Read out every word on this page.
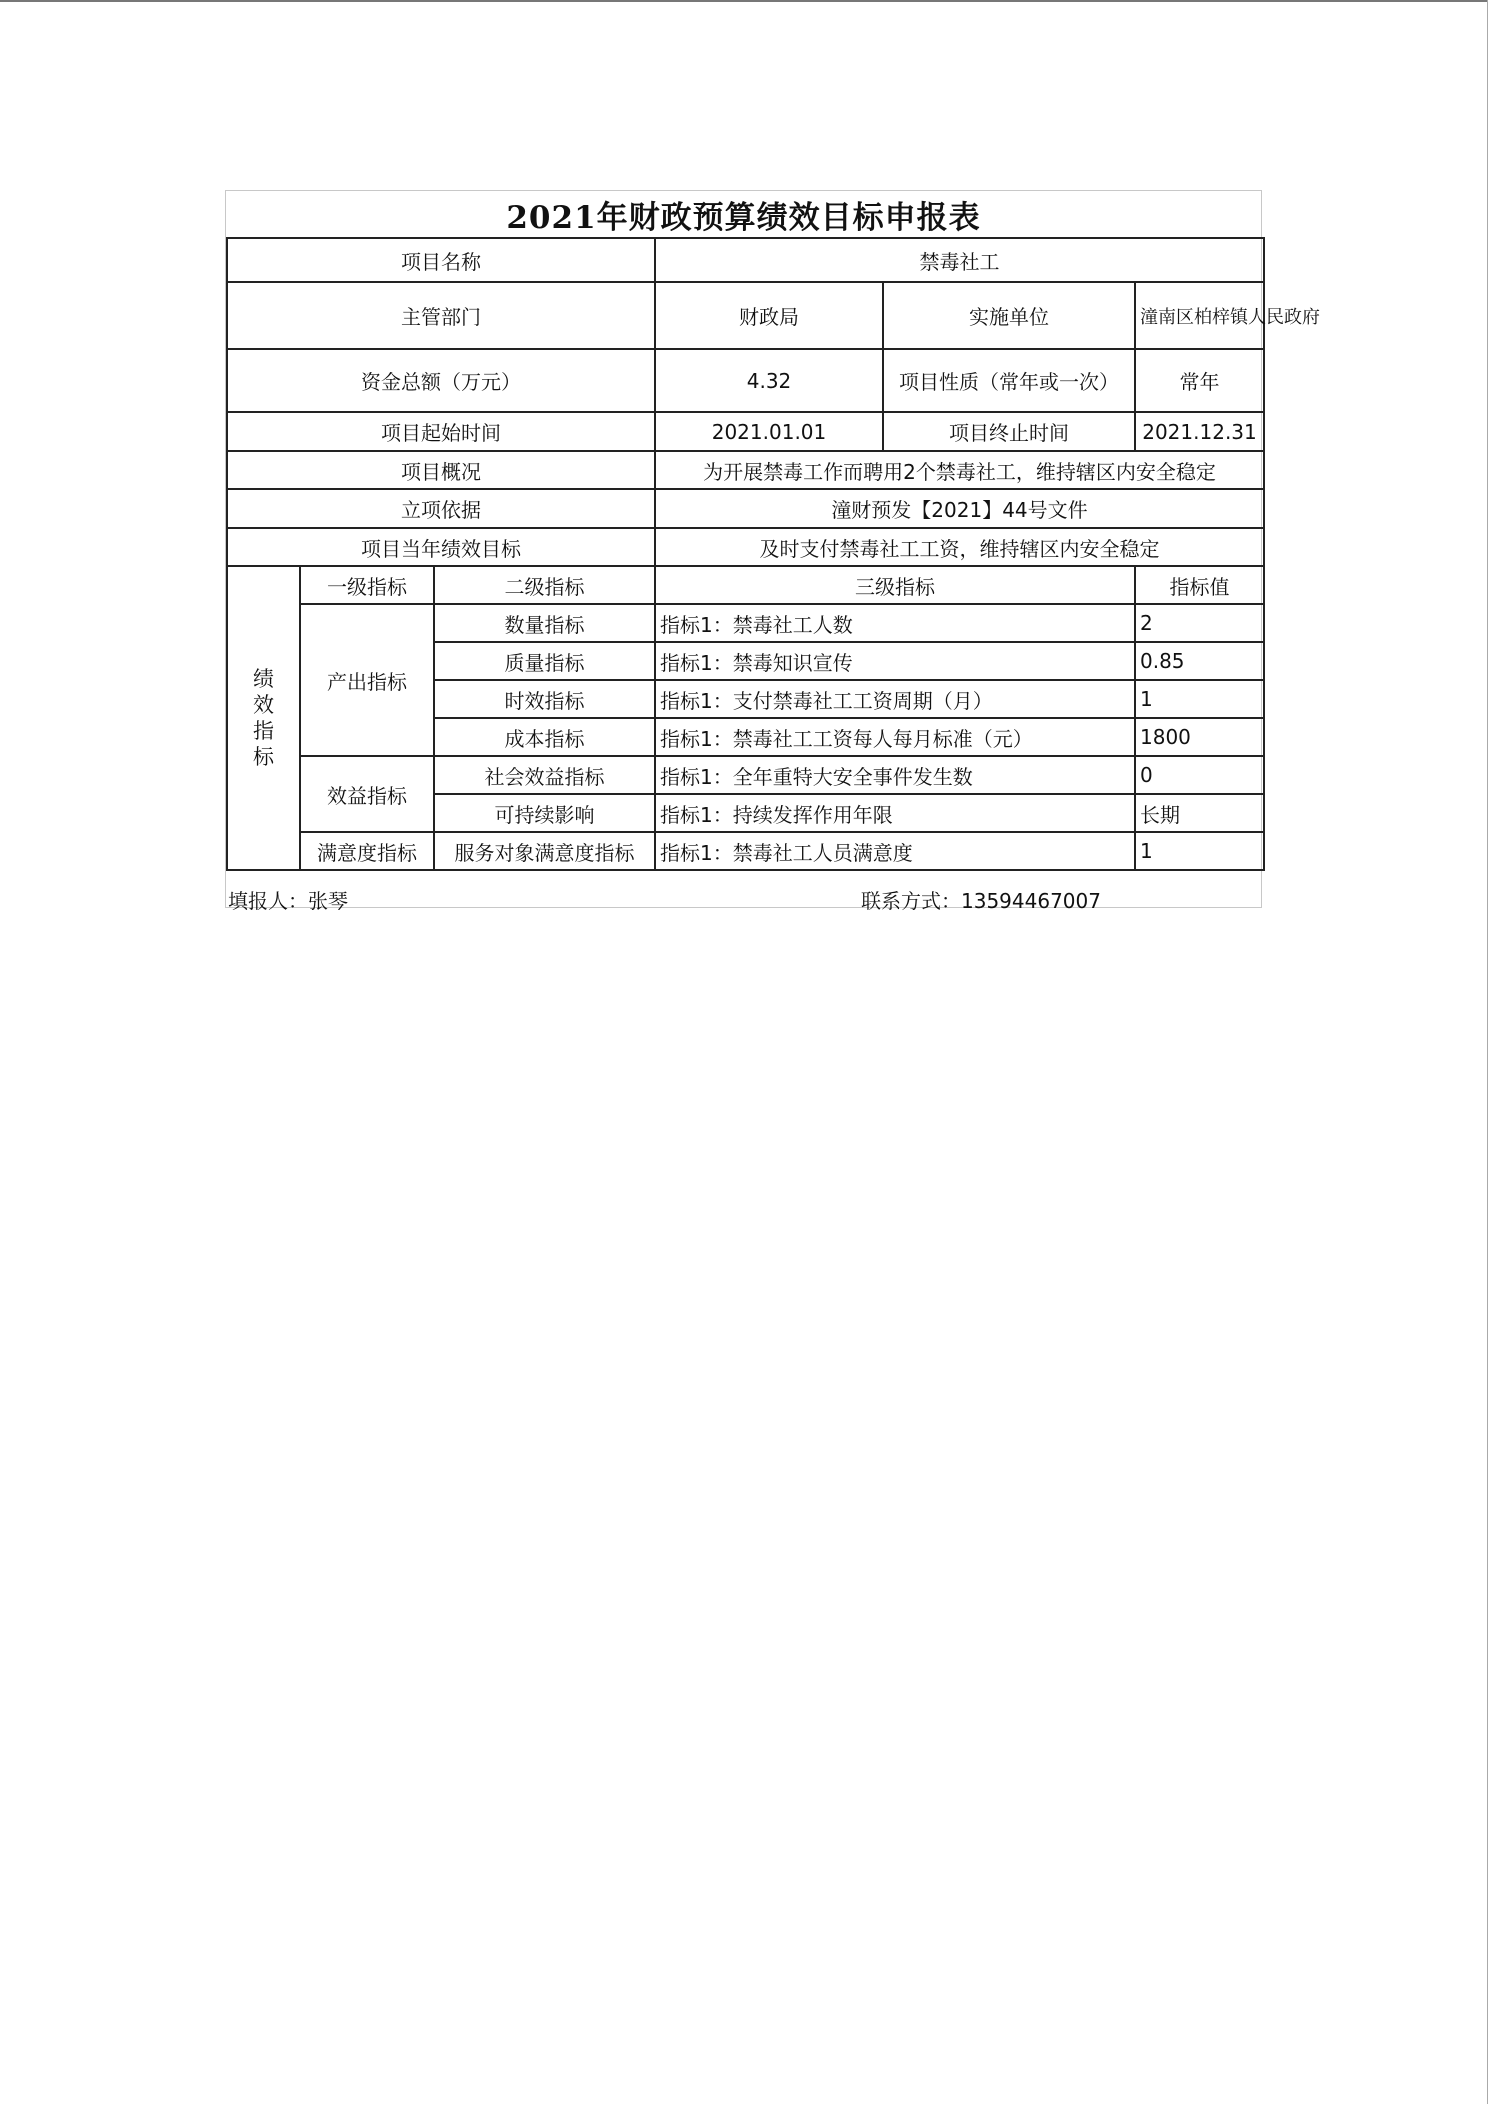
2021年财政预算绩效目标申报表
项目名称			禁毒社工		
主管部门			财政局	实施单位	潼南区柏梓镇人民政府
资金总额（万元）			4.32	项目性质（常年或一次）	常年
项目起始时间			2021.01.01	项目终止时间	2021.12.31
项目概况			为开展禁毒工作而聘用2个禁毒社工，维持辖区内安全稳定		
立项依据			潼财预发【2021】44号文件		
项目当年绩效目标			及时支付禁毒社工工资，维持辖区内安全稳定		

绩
效
指
标	一级指标	二级指标	三级指标		指标值
	产出指标	数量指标	指标1：禁毒社工人数		2
		质量指标	指标1：禁毒知识宣传		0.85
		时效指标	指标1：支付禁毒社工工资周期（月）		1
		成本指标	指标1：禁毒社工工资每人每月标准（元）		1800
	效益指标	社会效益指标	指标1：全年重特大安全事件发生数		0
		可持续影响	指标1：持续发挥作用年限		长期
	满意度指标	服务对象满意度指标	指标1：禁毒社工人员满意度		1
填报人：张琴	联系方式：13594467007
